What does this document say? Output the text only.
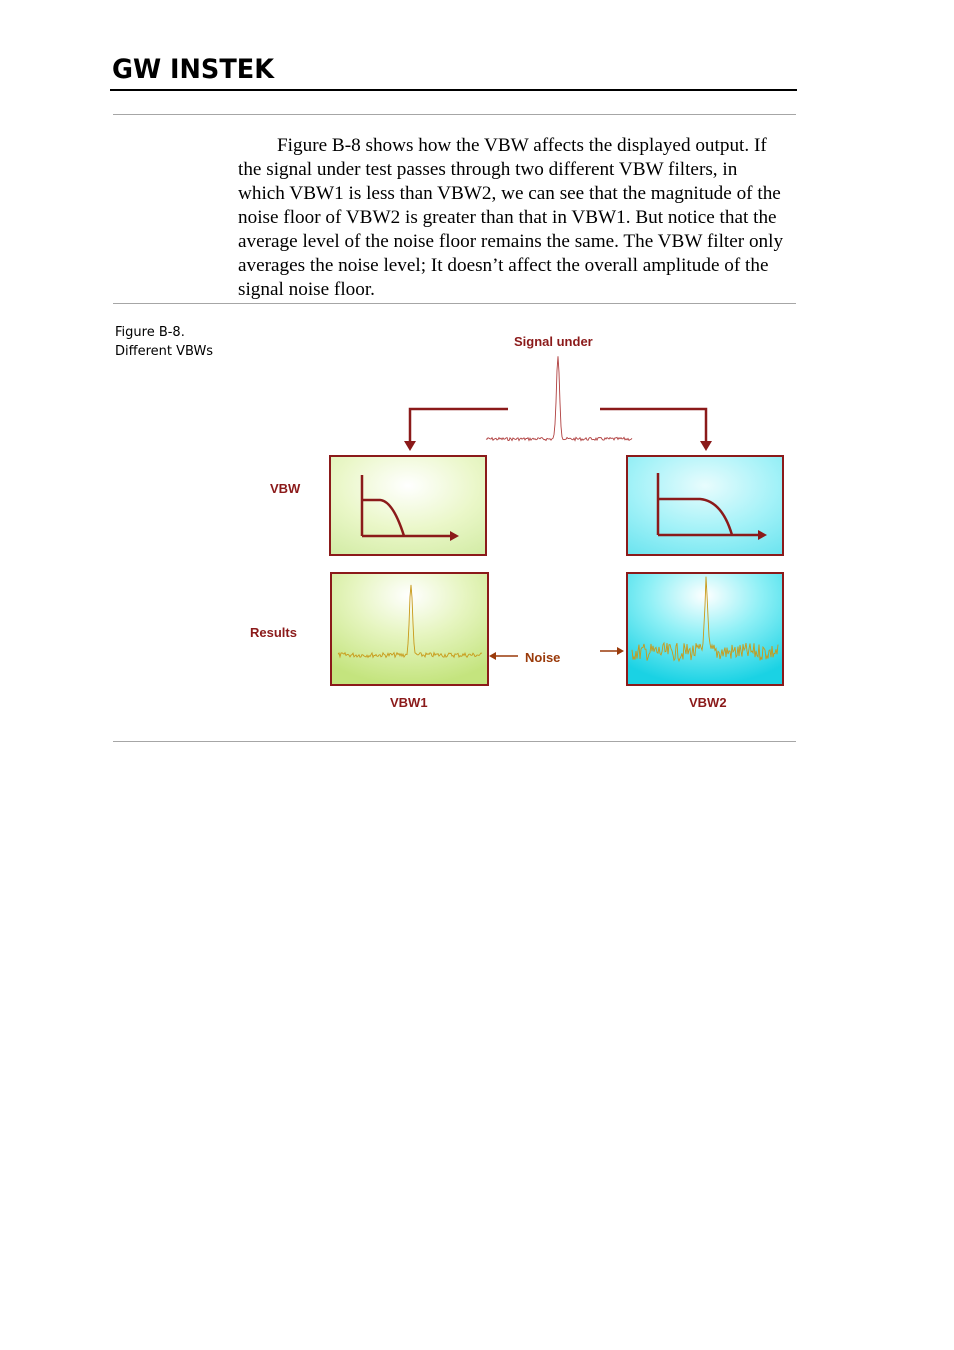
GW INSTEK

Figure B-8 shows how the VBW affects the displayed output. If the signal under test passes through two different VBW filters, in which VBW1 is less than VBW2, we can see that the magnitude of the noise floor of VBW2 is greater than that in VBW1. But notice that the average level of the noise floor remains the same. The VBW filter only averages the noise level; It doesn’t affect the overall amplitude of the signal noise floor.

Figure B-8.
Different VBWs
Signal under
VBW
Results
Noise
VBW1	VBW2
